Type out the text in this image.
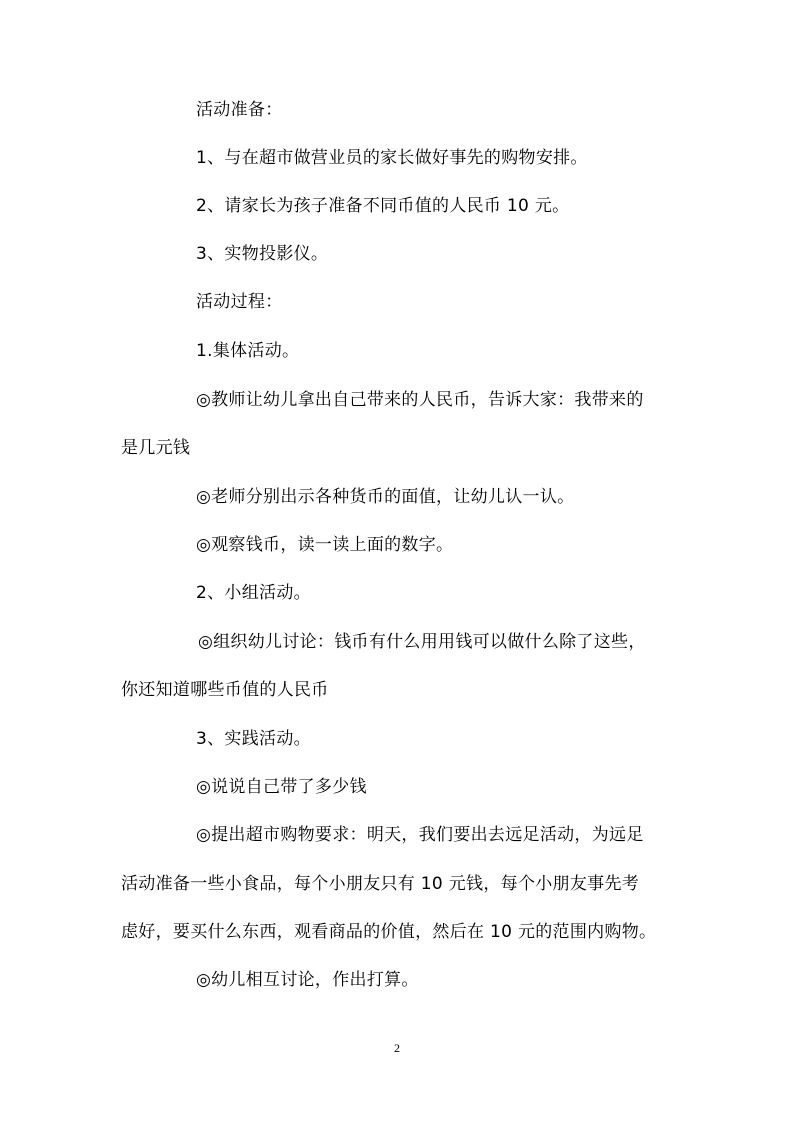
活动准备：
1、与在超市做营业员的家长做好事先的购物安排。
2、请家长为孩子准备不同币值的人民币 10 元。
3、实物投影仪。
活动过程：
1.集体活动。
◎教师让幼儿拿出自己带来的人民币，告诉大家：我带来的
是几元钱
◎老师分别出示各种货币的面值，让幼儿认一认。
◎观察钱币，读一读上面的数字。
2、小组活动。
◎组织幼儿讨论：钱币有什么用用钱可以做什么除了这些，
你还知道哪些币值的人民币
3、实践活动。
◎说说自己带了多少钱
◎提出超市购物要求：明天，我们要出去远足活动，为远足
活动准备一些小食品，每个小朋友只有 10 元钱，每个小朋友事先考
虑好，要买什么东西，观看商品的价值，然后在 10 元的范围内购物。
◎幼儿相互讨论，作出打算。
2
